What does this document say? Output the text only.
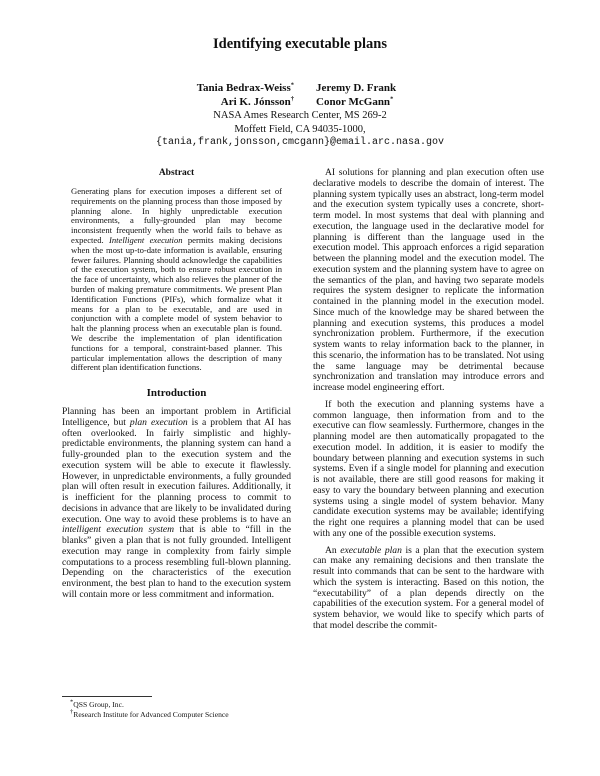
Identifying executable plans
Tania Bedrax-Weiss* Jeremy D. Frank
Ari K. Jónsson† Conor McGann*
NASA Ames Research Center, MS 269-2
Moffett Field, CA 94035-1000,
{tania,frank,jonsson,cmcgann}@email.arc.nasa.gov
Abstract

Generating plans for execution imposes a different set of requirements on the planning process than those imposed by planning alone. In highly unpredictable execution environments, a fully-grounded plan may become inconsistent frequently when the world fails to behave as expected. Intelligent execution permits making decisions when the most up-to-date information is available, ensuring fewer failures. Planning should acknowledge the capabilities of the execution system, both to ensure robust execution in the face of uncertainty, which also relieves the planner of the burden of making premature commitments. We present Plan Identification Functions (PIFs), which formalize what it means for a plan to be executable, and are used in conjunction with a complete model of system behavior to halt the planning process when an executable plan is found. We describe the implementation of plan identification functions for a temporal, constraint-based planner. This particular implementation allows the description of many different plan identification functions.

Introduction

Planning has been an important problem in Artificial Intelligence, but plan execution is a problem that AI has often overlooked. In fairly simplistic and highly-predictable environments, the planning system can hand a fully-grounded plan to the execution system and the execution system will be able to execute it flawlessly. However, in unpredictable environments, a fully grounded plan will often result in execution failures. Additionally, it is inefficient for the planning process to commit to decisions in advance that are likely to be invalidated during execution. One way to avoid these problems is to have an intelligent execution system that is able to “fill in the blanks” given a plan that is not fully grounded. Intelligent execution may range in complexity from fairly simple computations to a process resembling full-blown planning. Depending on the characteristics of the execution environment, the best plan to hand to the execution system will contain more or less commitment and information.

*QSS Group, Inc.
†Research Institute for Advanced Computer Science

AI solutions for planning and plan execution often use declarative models to describe the domain of interest. The planning system typically uses an abstract, long-term model and the execution system typically uses a concrete, short-term model. In most systems that deal with planning and execution, the language used in the declarative model for planning is different than the language used in the execution model. This approach enforces a rigid separation between the planning model and the execution model. The execution system and the planning system have to agree on the semantics of the plan, and having two separate models requires the system designer to replicate the information contained in the planning model in the execution model. Since much of the knowledge may be shared between the planning and execution systems, this produces a model synchronization problem. Furthermore, if the execution system wants to relay information back to the planner, in this scenario, the information has to be translated. Not using the same language may be detrimental because synchronization and translation may introduce errors and increase model engineering effort.

If both the execution and planning systems have a common language, then information from and to the executive can flow seamlessly. Furthermore, changes in the planning model are then automatically propagated to the execution model. In addition, it is easier to modify the boundary between planning and execution systems in such systems. Even if a single model for planning and execution is not available, there are still good reasons for making it easy to vary the boundary between planning and execution systems using a single model of system behavior. Many candidate execution systems may be available; identifying the right one requires a planning model that can be used with any one of the possible execution systems.

An executable plan is a plan that the execution system can make any remaining decisions and then translate the result into commands that can be sent to the hardware with which the system is interacting. Based on this notion, the “executability” of a plan depends directly on the capabilities of the execution system. For a general model of system behavior, we would like to specify which parts of that model describe the commit-
